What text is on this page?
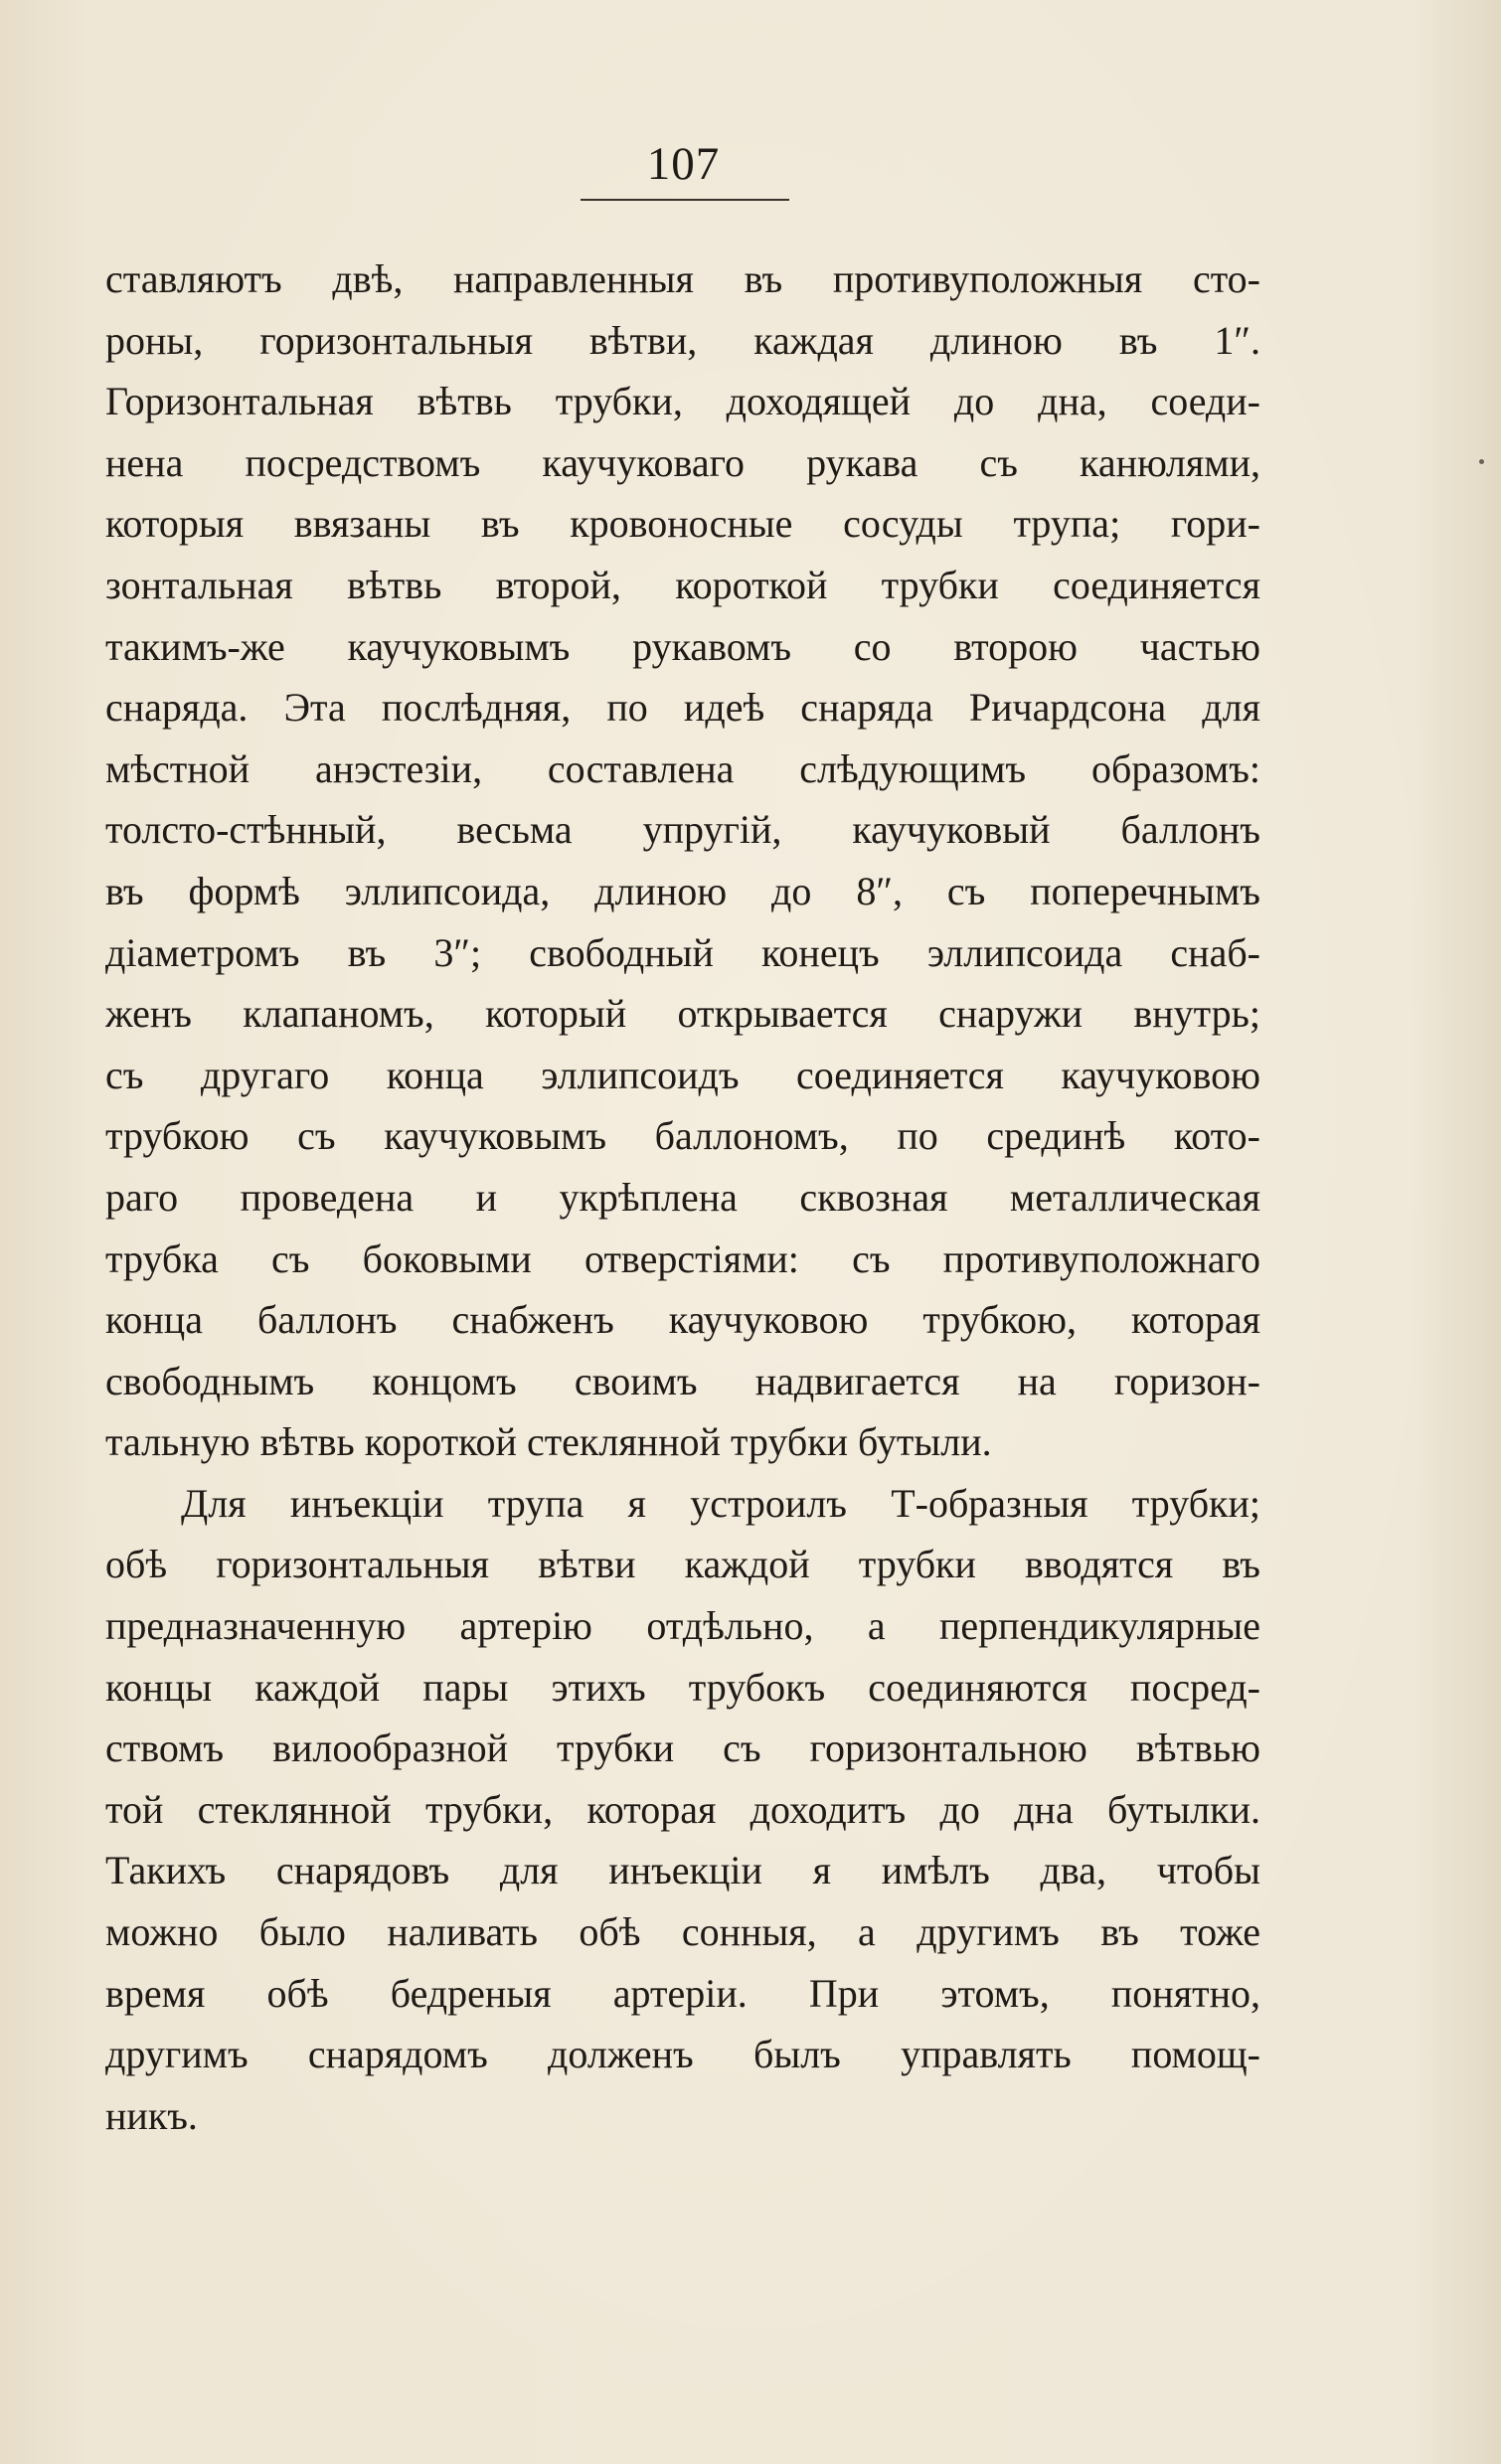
107
ставляютъ двѣ, направленныя въ противуположныя сто-
роны, горизонтальныя вѣтви, каждая длиною въ 1″.
Горизонтальная вѣтвь трубки, доходящей до дна, соеди-
нена посредствомъ каучуковаго рукава съ канюлями,
которыя ввязаны въ кровоносные сосуды трупа; гори-
зонтальная вѣтвь второй, короткой трубки соединяется
такимъ-же каучуковымъ рукавомъ со второю частью
снаряда. Эта послѣдняя, по идеѣ снаряда Ричардсона для
мѣстной анэстезіи, составлена слѣдующимъ образомъ:
толсто-стѣнный, весьма упругій, каучуковый баллонъ
въ формѣ эллипсоида, длиною до 8″, съ поперечнымъ
діаметромъ въ 3″; свободный конецъ эллипсоида снаб-
женъ клапаномъ, который открывается снаружи внутрь;
съ другаго конца эллипсоидъ соединяется каучуковою
трубкою съ каучуковымъ баллономъ, по срединѣ кото-
раго проведена и укрѣплена сквозная металлическая
трубка съ боковыми отверстіями: съ противуположнаго
конца баллонъ снабженъ каучуковою трубкою, которая
свободнымъ концомъ своимъ надвигается на горизон-
тальную вѣтвь короткой стеклянной трубки бутыли.
Для инъекціи трупа я устроилъ Т-образныя трубки;
обѣ горизонтальныя вѣтви каждой трубки вводятся въ
предназначенную артерію отдѣльно, а перпендикулярные
концы каждой пары этихъ трубокъ соединяются посред-
ствомъ вилообразной трубки съ горизонтальною вѣтвью
той стеклянной трубки, которая доходитъ до дна бутылки.
Такихъ снарядовъ для инъекціи я имѣлъ два, чтобы
можно было наливать обѣ сонныя, а другимъ въ тоже
время обѣ бедреныя артеріи. При этомъ, понятно,
другимъ снарядомъ долженъ былъ управлять помощ-
никъ.
